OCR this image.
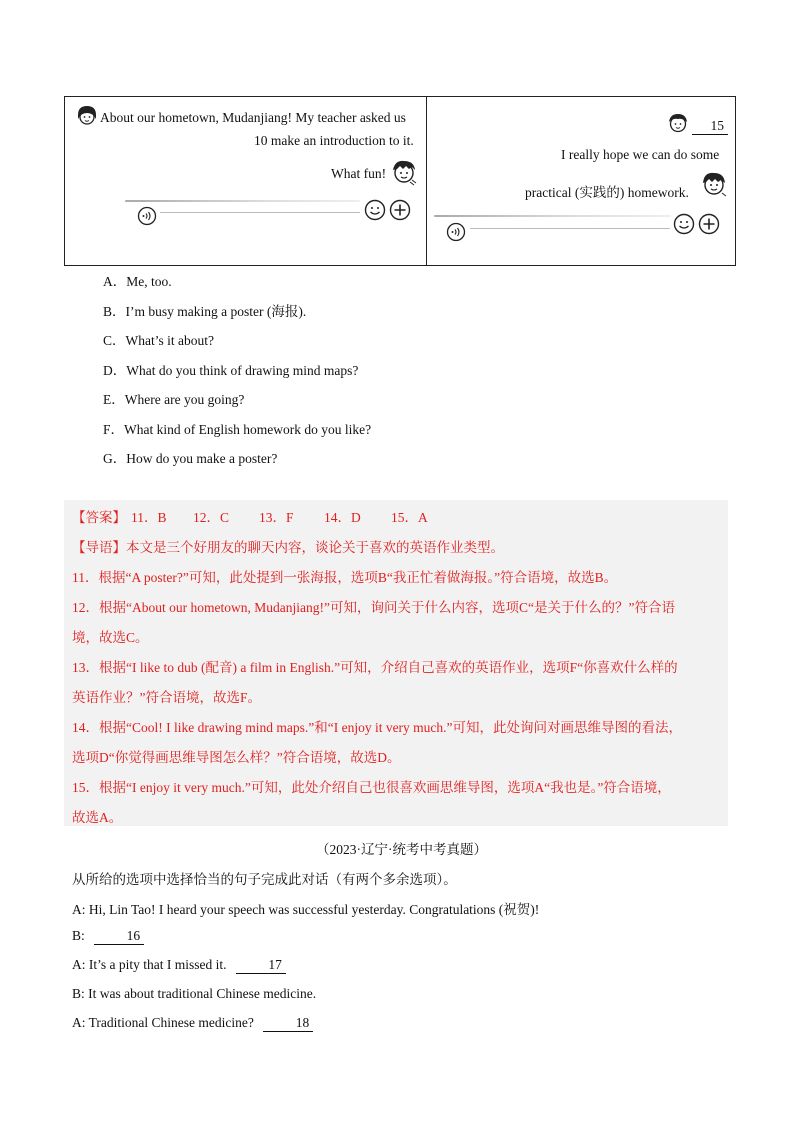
About our hometown, Mudanjiang! My teacher asked us
10 make an introduction to it.
What fun!
15
I really hope we can do some
practical (实践的) homework.
A．Me, too.
B．I’m busy making a poster (海报).
C．What’s it about?
D．What do you think of drawing mind maps?
E．Where are you going?
F．What kind of English homework do you like?
G．How do you make a poster?
【答案】 11．B 12．C 13．F 14．D 15．A
【导语】本文是三个好朋友的聊天内容，谈论关于喜欢的英语作业类型。
11．根据“A poster?”可知，此处提到一张海报，选项B“我正忙着做海报。”符合语境，故选B。
12．根据“About our hometown, Mudanjiang!”可知，询问关于什么内容，选项C“是关于什么的？”符合语
境，故选C。
13．根据“I like to dub (配音) a film in English.”可知，介绍自己喜欢的英语作业，选项F“你喜欢什么样的
英语作业？”符合语境，故选F。
14．根据“Cool! I like drawing mind maps.”和“I enjoy it very much.”可知，此处询问对画思维导图的看法，
选项D“你觉得画思维导图怎么样？”符合语境，故选D。
15．根据“I enjoy it very much.”可知，此处介绍自己也很喜欢画思维导图，选项A“我也是。”符合语境，
故选A。
（2023·辽宁·统考中考真题）
从所给的选项中选择恰当的句子完成此对话（有两个多余选项）。
A: Hi, Lin Tao! I heard your speech was successful yesterday. Congratulations (祝贺)!
B:	16
A: It’s a pity that I missed it.	17
B: It was about traditional Chinese medicine.
A: Traditional Chinese medicine?	18
